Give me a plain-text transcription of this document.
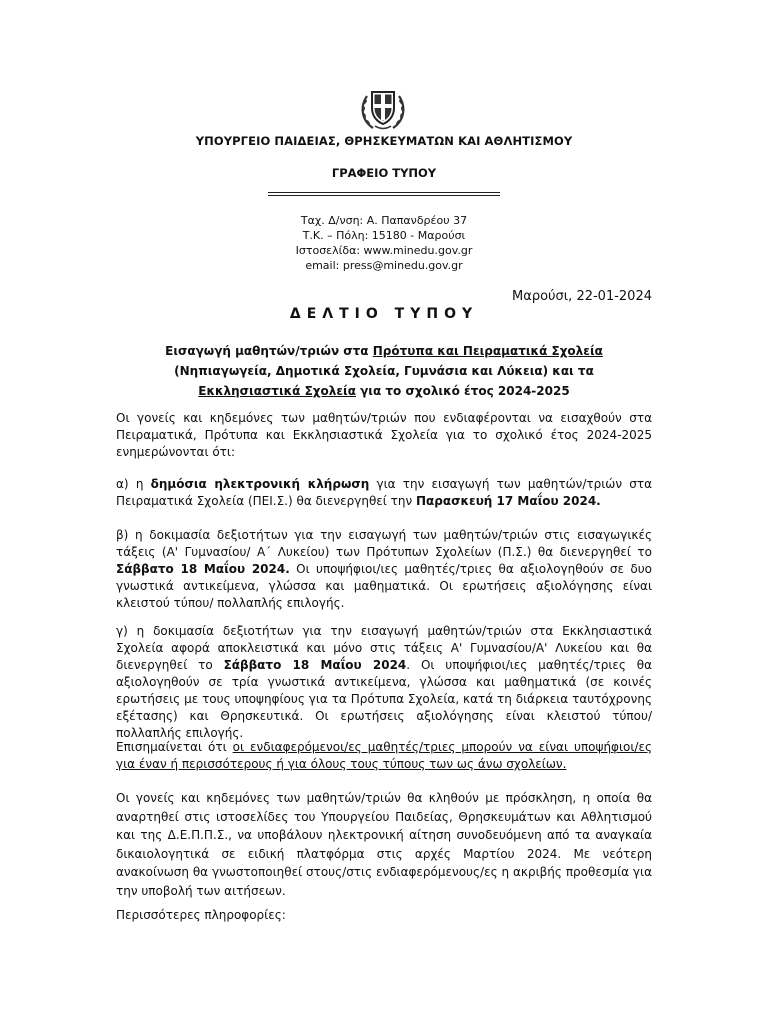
ΥΠΟΥΡΓΕΙΟ ΠΑΙΔΕΙΑΣ, ΘΡΗΣΚΕΥΜΑΤΩΝ ΚΑΙ ΑΘΛΗΤΙΣΜΟΥ
ΓΡΑΦΕΙΟ ΤΥΠΟΥ
Ταχ. Δ/νση: Α. Παπανδρέου 37
Τ.Κ. – Πόλη: 15180 - Μαρούσι
Ιστοσελίδα: www.minedu.gov.gr
email: press@minedu.gov.gr
Μαρούσι, 22-01-2024
ΔΕΛΤΙΟ ΤΥΠΟΥ
Εισαγωγή μαθητών/τριών στα Πρότυπα και Πειραματικά Σχολεία (Νηπιαγωγεία, Δημοτικά Σχολεία, Γυμνάσια και Λύκεια) και τα Εκκλησιαστικά Σχολεία για το σχολικό έτος 2024-2025

Οι γονείς και κηδεμόνες των μαθητών/τριών που ενδιαφέρονται να εισαχθούν στα Πειραματικά, Πρότυπα και Εκκλησιαστικά Σχολεία για το σχολικό έτος 2024-2025 ενημερώνονται ότι:

α) η δημόσια ηλεκτρονική κλήρωση για την εισαγωγή των μαθητών/τριών στα Πειραματικά Σχολεία (ΠΕΙ.Σ.) θα διενεργηθεί την Παρασκευή 17 Μαΐου 2024.

β) η δοκιμασία δεξιοτήτων για την εισαγωγή των μαθητών/τριών στις εισαγωγικές τάξεις (Α' Γυμνασίου/ Α΄ Λυκείου) των Πρότυπων Σχολείων (Π.Σ.) θα διενεργηθεί το Σάββατο 18 Μαΐου 2024. Οι υποψήφιοι/ιες μαθητές/τριες θα αξιολογηθούν σε δυο γνωστικά αντικείμενα, γλώσσα και μαθηματικά. Οι ερωτήσεις αξιολόγησης είναι κλειστού τύπου/ πολλαπλής επιλογής.

γ) η δοκιμασία δεξιοτήτων για την εισαγωγή μαθητών/τριών στα Εκκλησιαστικά Σχολεία αφορά αποκλειστικά και μόνο στις τάξεις Α' Γυμνασίου/Α' Λυκείου και θα διενεργηθεί το Σάββατο 18 Μαΐου 2024. Οι υποψήφιοι/ιες μαθητές/τριες θα αξιολογηθούν σε τρία γνωστικά αντικείμενα, γλώσσα και μαθηματικά (σε κοινές ερωτήσεις με τους υποψηφίους για τα Πρότυπα Σχολεία, κατά τη διάρκεια ταυτόχρονης εξέτασης) και Θρησκευτικά. Οι ερωτήσεις αξιολόγησης είναι κλειστού τύπου/ πολλαπλής επιλογής.

Επισημαίνεται ότι οι ενδιαφερόμενοι/ες μαθητές/τριες μπορούν να είναι υποψήφιοι/ες για έναν ή περισσότερους ή για όλους τους τύπους των ως άνω σχολείων.

Οι γονείς και κηδεμόνες των μαθητών/τριών θα κληθούν με πρόσκληση, η οποία θα αναρτηθεί στις ιστοσελίδες του Υπουργείου Παιδείας, Θρησκευμάτων και Αθλητισμού και της Δ.Ε.Π.Π.Σ., να υποβάλουν ηλεκτρονική αίτηση συνοδευόμενη από τα αναγκαία δικαιολογητικά σε ειδική πλατφόρμα στις αρχές Μαρτίου 2024. Με νεότερη ανακοίνωση θα γνωστοποιηθεί στους/στις ενδιαφερόμενους/ες η ακριβής προθεσμία για την υποβολή των αιτήσεων.

Περισσότερες πληροφορίες:
